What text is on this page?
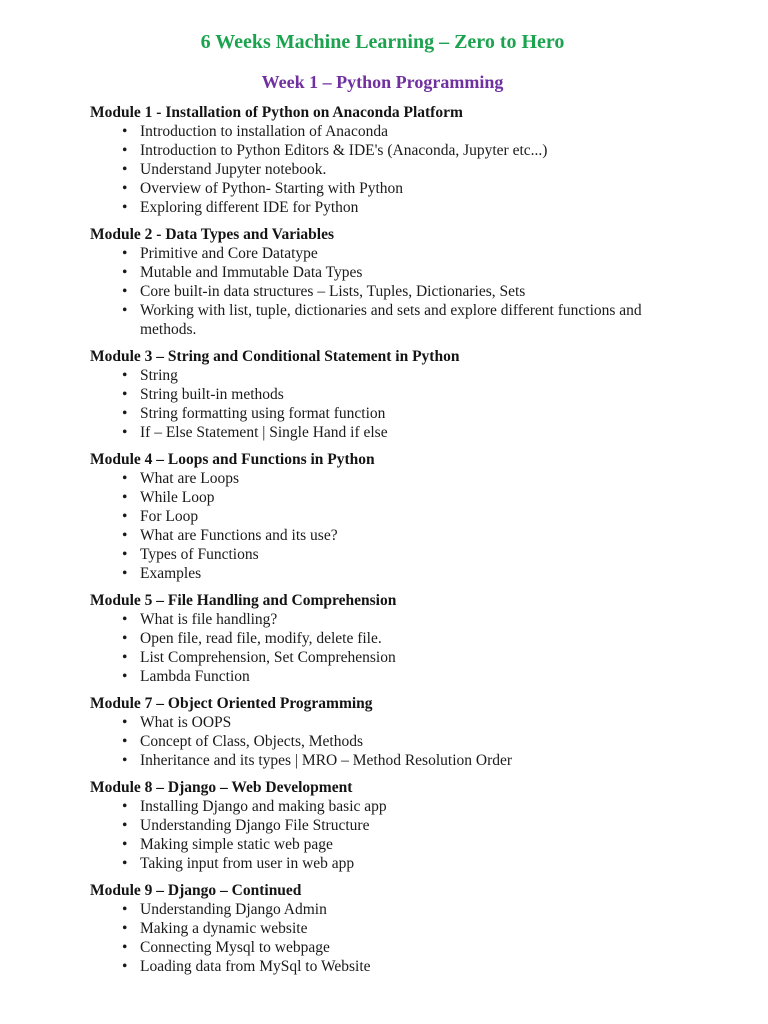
6 Weeks Machine Learning – Zero to Hero
Week 1 – Python Programming
Module 1 - Installation of Python on Anaconda Platform
• Introduction to installation of Anaconda
• Introduction to Python Editors & IDE's (Anaconda, Jupyter etc...)
• Understand Jupyter notebook.
• Overview of Python- Starting with Python
• Exploring different IDE for Python
Module 2 - Data Types and Variables
• Primitive and Core Datatype
• Mutable and Immutable Data Types
• Core built-in data structures – Lists, Tuples, Dictionaries, Sets
• Working with list, tuple, dictionaries and sets and explore different functions and methods.
Module 3 – String and Conditional Statement in Python
• String
• String built-in methods
• String formatting using format function
• If – Else Statement | Single Hand if else
Module 4 – Loops and Functions in Python
• What are Loops
• While Loop
• For Loop
• What are Functions and its use?
• Types of Functions
• Examples
Module 5 – File Handling and Comprehension
• What is file handling?
• Open file, read file, modify, delete file.
• List Comprehension, Set Comprehension
• Lambda Function
Module 7 – Object Oriented Programming
• What is OOPS
• Concept of Class, Objects, Methods
• Inheritance and its types | MRO – Method Resolution Order
Module 8 – Django – Web Development
• Installing Django and making basic app
• Understanding Django File Structure
• Making simple static web page
• Taking input from user in web app
Module 9 – Django – Continued
• Understanding Django Admin
• Making a dynamic website
• Connecting Mysql to webpage
• Loading data from MySql to Website
